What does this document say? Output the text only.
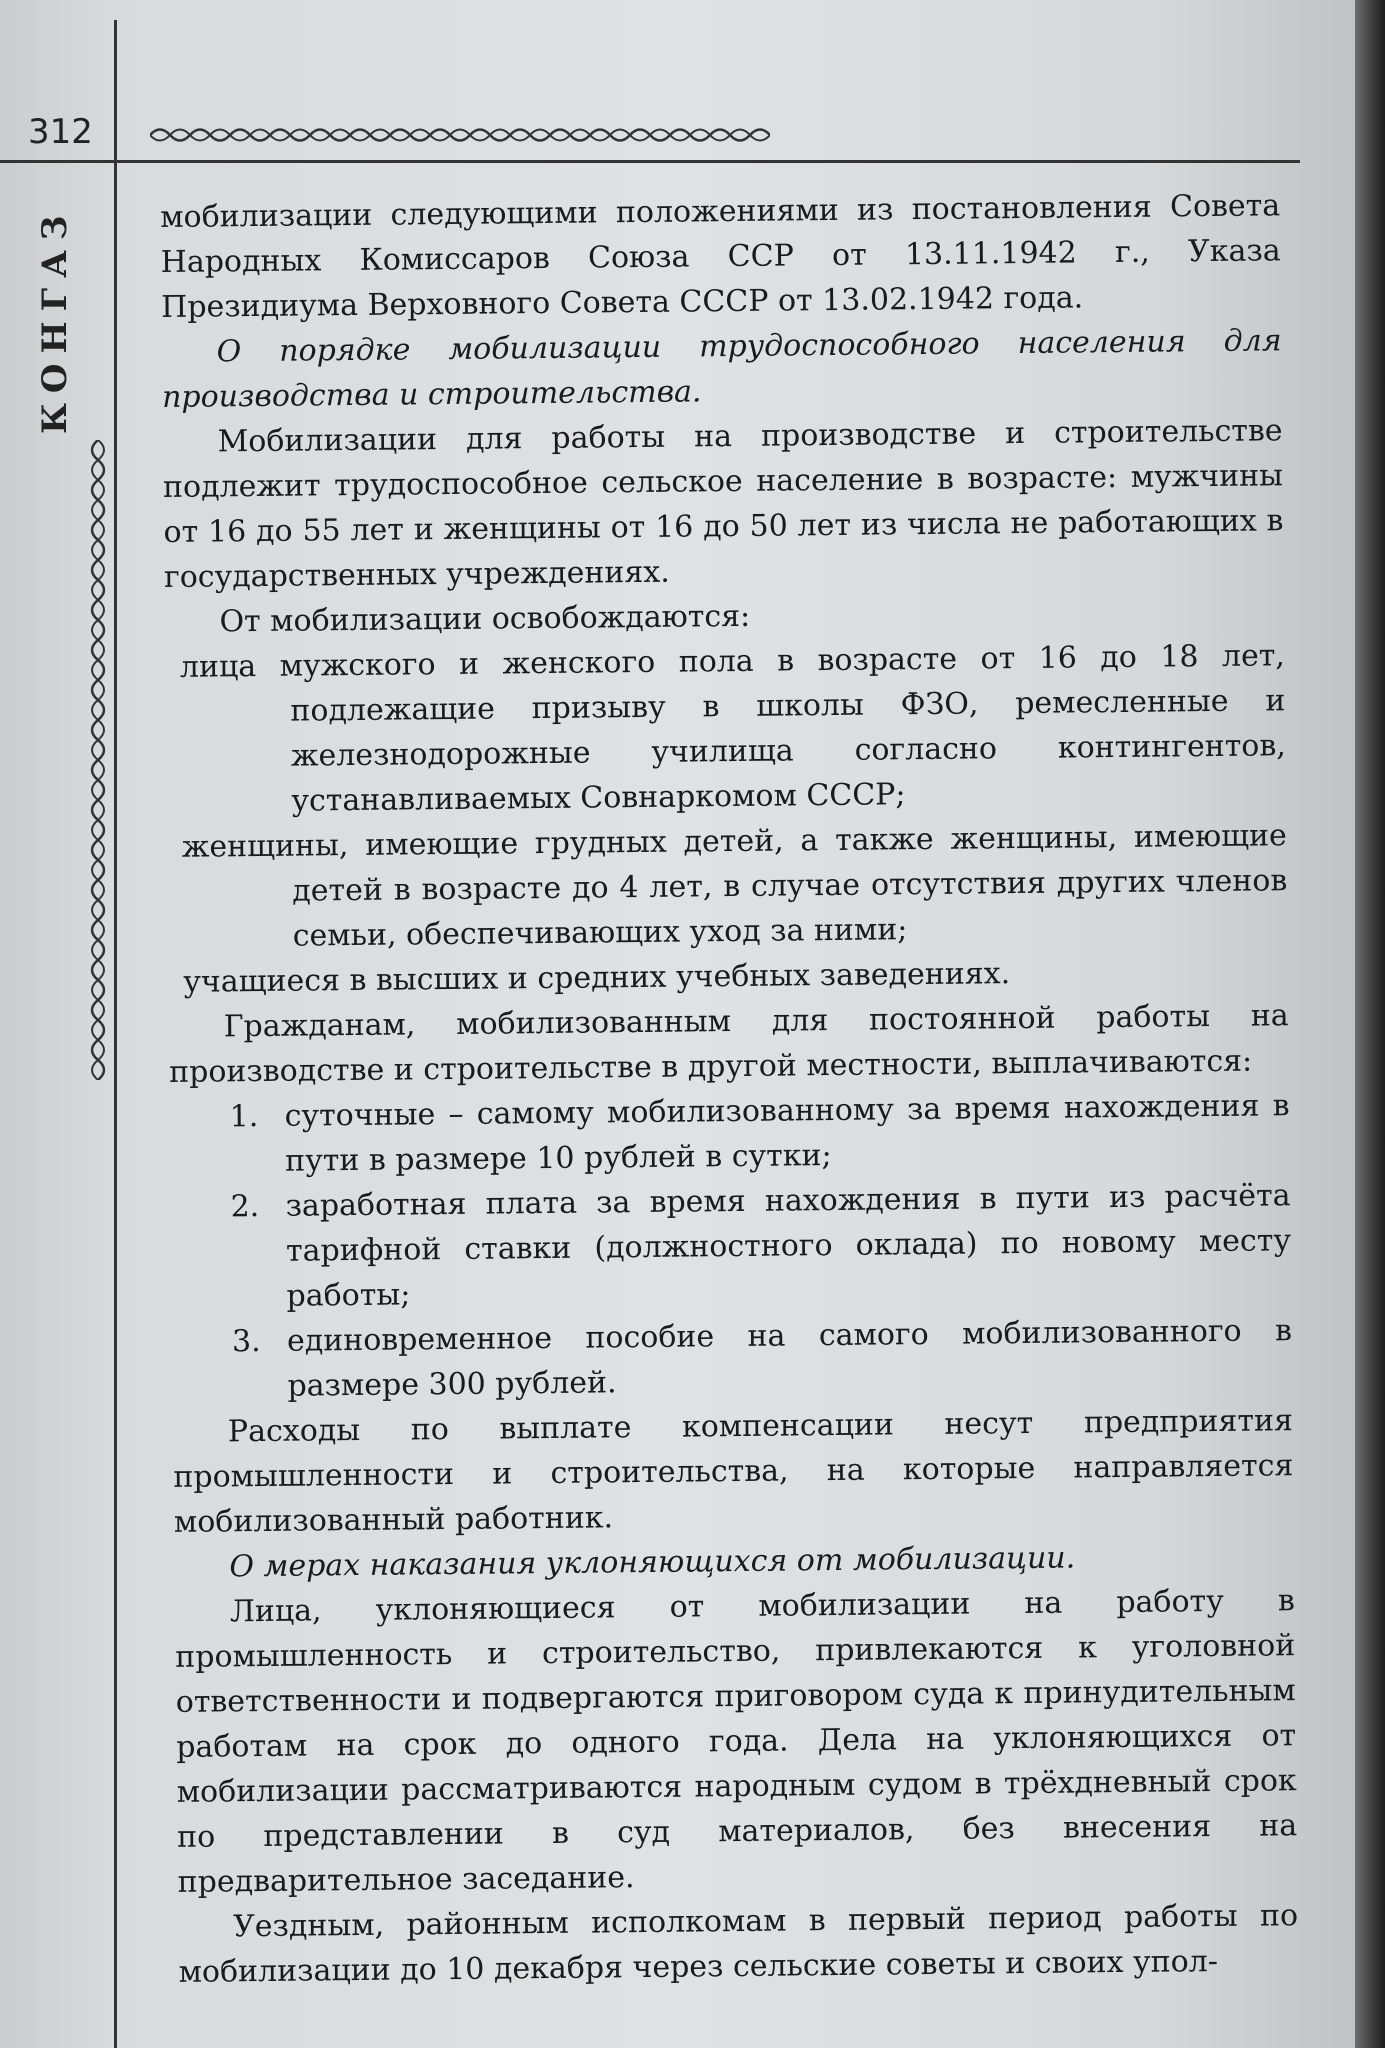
312
КОНГАЗ	мобилизации следующими положениями из постановления Совета Народных Комиссаров Союза ССР от 13.11.1942 г., Указа Президиума Верховного Совета СССР от 13.02.1942 года.

О порядке мобилизации трудоспособного населения для производства и строительства.

Мобилизации для работы на производстве и строительстве подлежит трудоспособное сельское население в возрасте: мужчины от 16 до 55 лет и женщины от 16 до 50 лет из числа не работающих в государственных учреждениях.

От мобилизации освобождаются:

лица мужского и женского пола в возрасте от 16 до 18 лет, подлежащие призыву в школы ФЗО, ремесленные и железнодорожные училища согласно контингентов, устанавливаемых Совнаркомом СССР;

женщины, имеющие грудных детей, а также женщины, имеющие детей в возрасте до 4 лет, в случае отсутствия других членов семьи, обеспечивающих уход за ними;

учащиеся в высших и средних учебных заведениях.

Гражданам, мобилизованным для постоянной работы на производстве и строительстве в другой местности, выплачиваются:

1. суточные – самому мобилизованному за время нахождения в пути в размере 10 рублей в сутки;
2. заработная плата за время нахождения в пути из расчёта тарифной ставки (должностного оклада) по новому месту работы;
3. единовременное пособие на самого мобилизованного в размере 300 рублей.

Расходы по выплате компенсации несут предприятия промышленности и строительства, на которые направляется мобилизованный работник.

О мерах наказания уклоняющихся от мобилизации.

Лица, уклоняющиеся от мобилизации на работу в промышленность и строительство, привлекаются к уголовной ответственности и подвергаются приговором суда к принудительным работам на срок до одного года. Дела на уклоняющихся от мобилизации рассматриваются народным судом в трёхдневный срок по представлении в суд материалов, без внесения на предварительное заседание.

Уездным, районным исполкомам в первый период работы по мобилизации до 10 декабря через сельские советы и своих упол-
